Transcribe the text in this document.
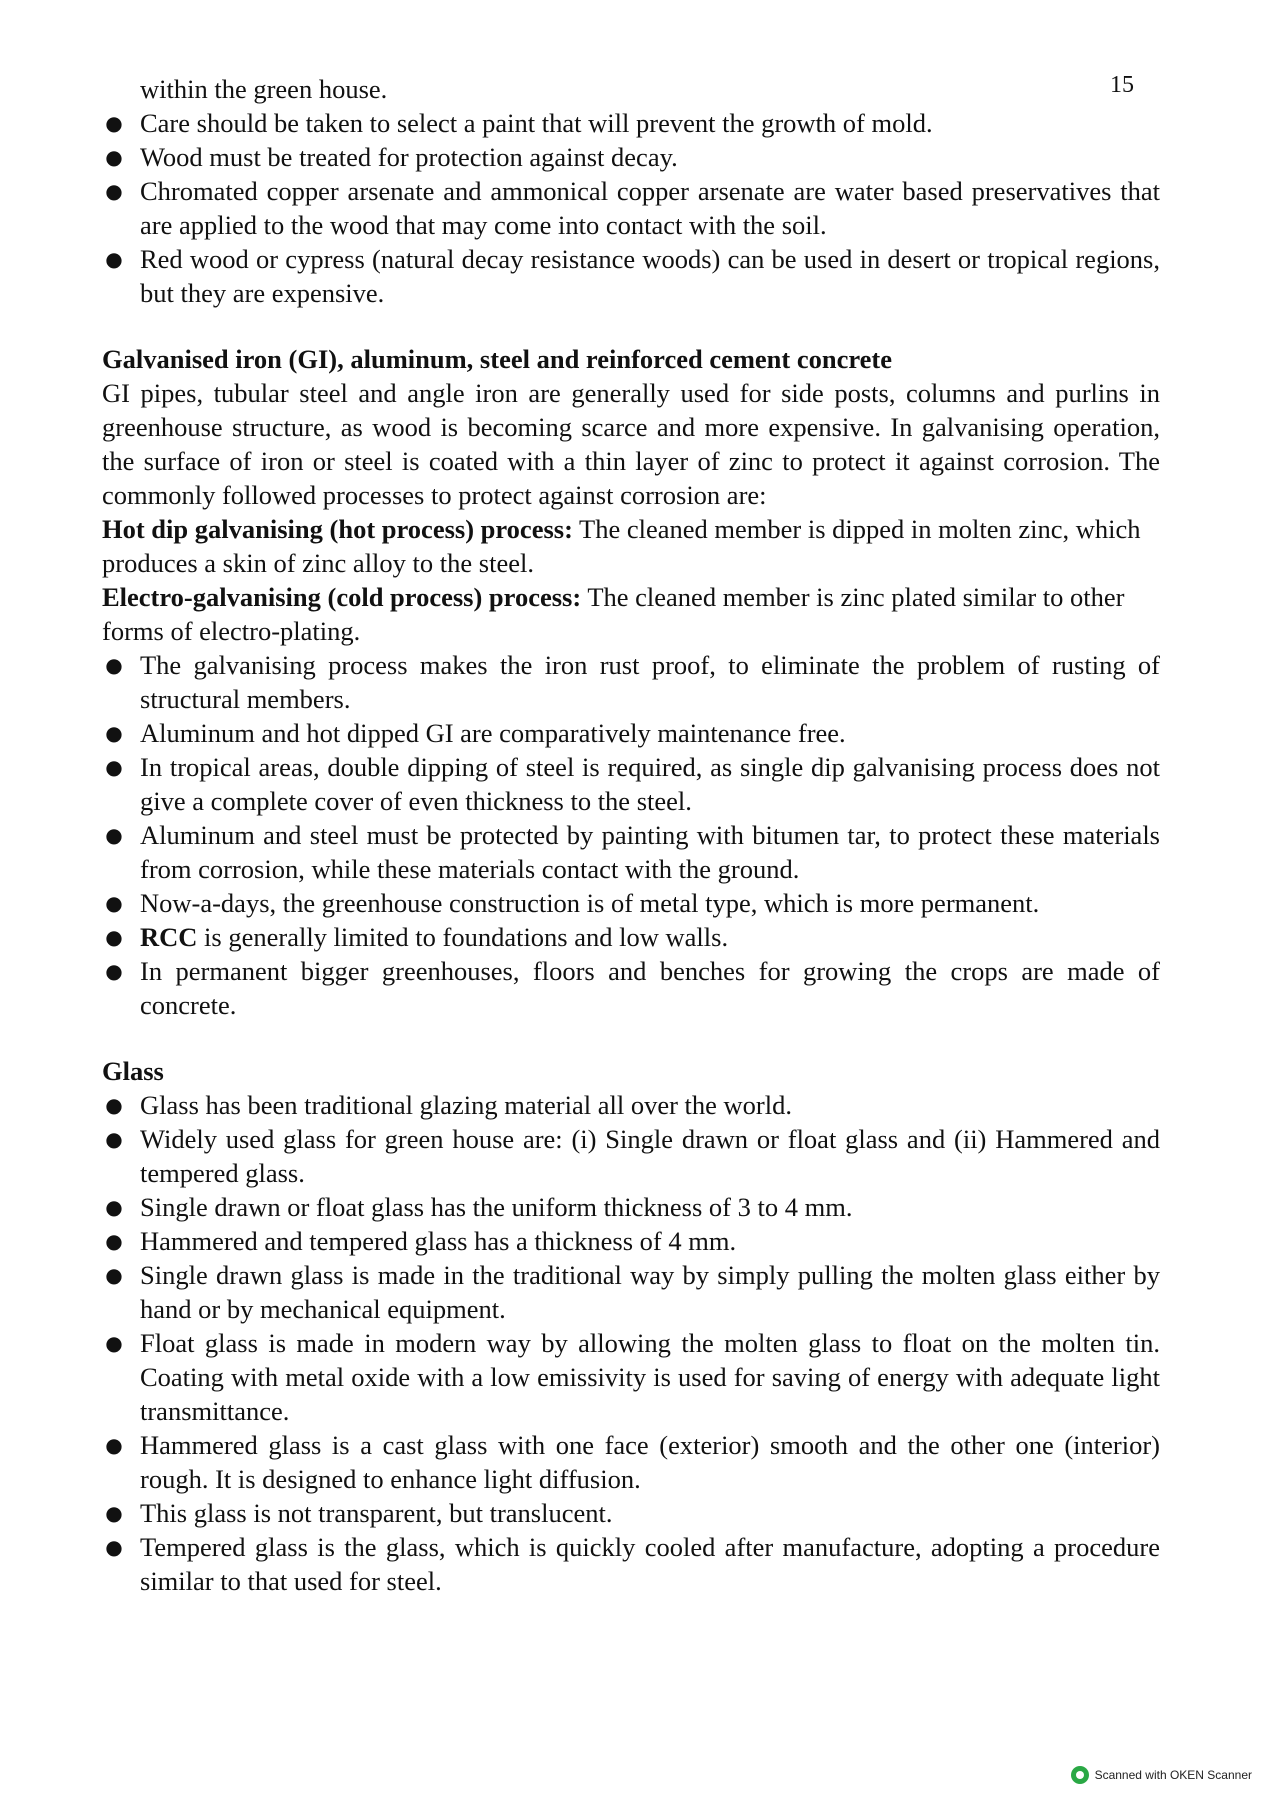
15

within the green house.

● Care should be taken to select a paint that will prevent the growth of mold.
● Wood must be treated for protection against decay.
● Chromated copper arsenate and ammonical copper arsenate are water based preservatives that are applied to the wood that may come into contact with the soil.
● Red wood or cypress (natural decay resistance woods) can be used in desert or tropical regions, but they are expensive.

Galvanised iron (GI), aluminum, steel and reinforced cement concrete

GI pipes, tubular steel and angle iron are generally used for side posts, columns and purlins in greenhouse structure, as wood is becoming scarce and more expensive. In galvanising operation, the surface of iron or steel is coated with a thin layer of zinc to protect it against corrosion. The commonly followed processes to protect against corrosion are:

Hot dip galvanising (hot process) process: The cleaned member is dipped in molten zinc, which produces a skin of zinc alloy to the steel.

Electro-galvanising (cold process) process: The cleaned member is zinc plated similar to other forms of electro-plating.

● The galvanising process makes the iron rust proof, to eliminate the problem of rusting of structural members.
● Aluminum and hot dipped GI are comparatively maintenance free.
● In tropical areas, double dipping of steel is required, as single dip galvanising process does not give a complete cover of even thickness to the steel.
● Aluminum and steel must be protected by painting with bitumen tar, to protect these materials from corrosion, while these materials contact with the ground.
● Now-a-days, the greenhouse construction is of metal type, which is more permanent.
● RCC is generally limited to foundations and low walls.
● In permanent bigger greenhouses, floors and benches for growing the crops are made of concrete.

Glass

● Glass has been traditional glazing material all over the world.
● Widely used glass for green house are: (i) Single drawn or float glass and (ii) Hammered and tempered glass.
● Single drawn or float glass has the uniform thickness of 3 to 4 mm.
● Hammered and tempered glass has a thickness of 4 mm.
● Single drawn glass is made in the traditional way by simply pulling the molten glass either by hand or by mechanical equipment.
● Float glass is made in modern way by allowing the molten glass to float on the molten tin. Coating with metal oxide with a low emissivity is used for saving of energy with adequate light transmittance.
● Hammered glass is a cast glass with one face (exterior) smooth and the other one (interior) rough. It is designed to enhance light diffusion.
● This glass is not transparent, but translucent.
● Tempered glass is the glass, which is quickly cooled after manufacture, adopting a procedure similar to that used for steel.
Scanned with OKEN Scanner
